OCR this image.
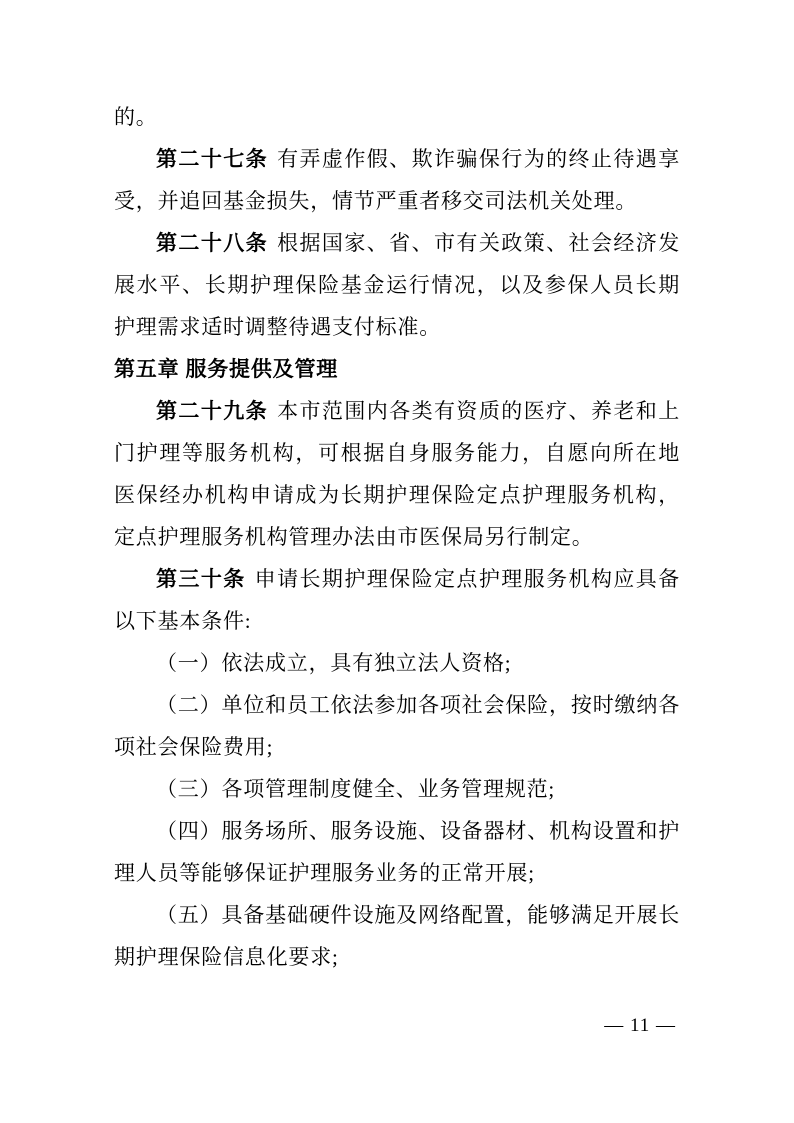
的。

第二十七条 有弄虚作假、欺诈骗保行为的终止待遇享受，并追回基金损失，情节严重者移交司法机关处理。

第二十八条 根据国家、省、市有关政策、社会经济发展水平、长期护理保险基金运行情况，以及参保人员长期护理需求适时调整待遇支付标准。

第五章 服务提供及管理

第二十九条 本市范围内各类有资质的医疗、养老和上门护理等服务机构，可根据自身服务能力，自愿向所在地医保经办机构申请成为长期护理保险定点护理服务机构，定点护理服务机构管理办法由市医保局另行制定。

第三十条 申请长期护理保险定点护理服务机构应具备以下基本条件:

（一）依法成立，具有独立法人资格;

（二）单位和员工依法参加各项社会保险，按时缴纳各项社会保险费用;

（三）各项管理制度健全、业务管理规范;

（四）服务场所、服务设施、设备器材、机构设置和护理人员等能够保证护理服务业务的正常开展;

（五）具备基础硬件设施及网络配置，能够满足开展长期护理保险信息化要求;

— 11 —
